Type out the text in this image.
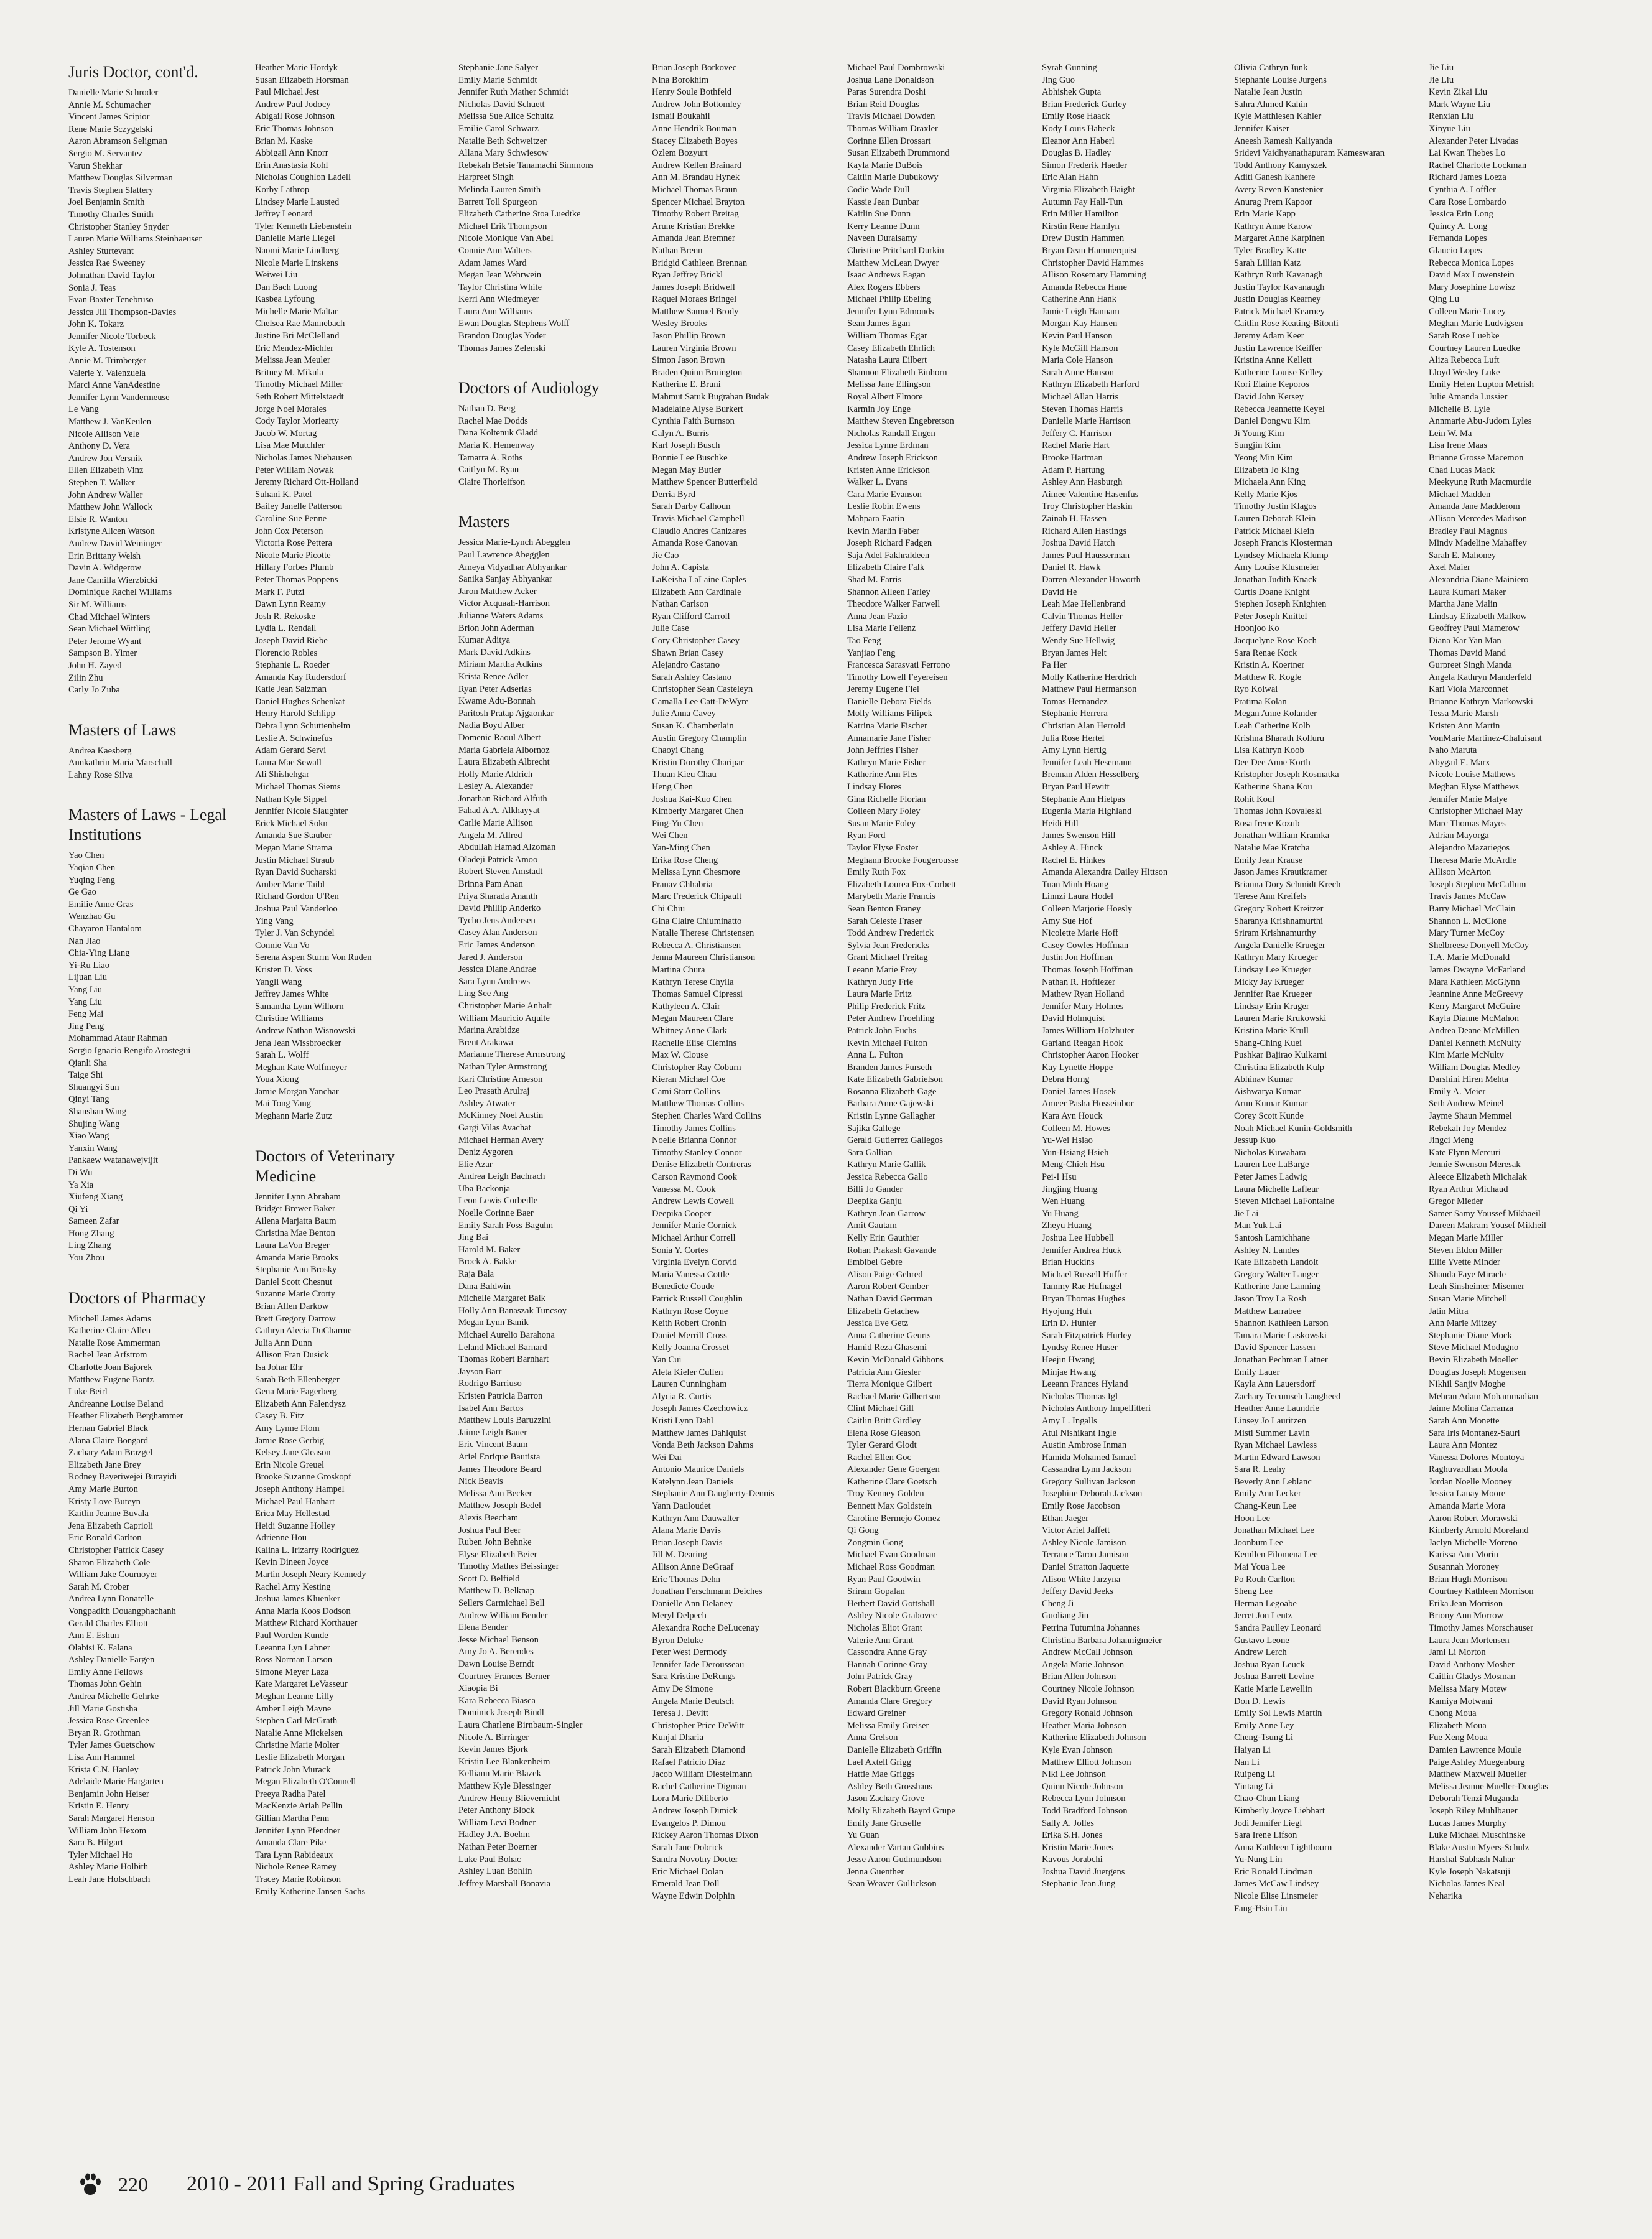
Juris Doctor, cont'd.
Danielle Marie Schroder
Annie M. Schumacher
Vincent James Scipior
Rene Marie Sczygelski
Aaron Abramson Seligman
Sergio M. Servantez
Varun Shekhar
Matthew Douglas Silverman
Travis Stephen Slattery
Joel Benjamin Smith
Timothy Charles Smith
Christopher Stanley Snyder
Lauren Marie Williams Steinhaeuser
Ashley Sturtevant
Jessica Rae Sweeney
Johnathan David Taylor
Sonia J. Teas
Evan Baxter Tenebruso
Jessica Jill Thompson-Davies
John K. Tokarz
Jennifer Nicole Torbeck
Kyle A. Tostenson
Annie M. Trimberger
Valerie Y. Valenzuela
Marci Anne VanAdestine
Jennifer Lynn Vandermeuse
Le Vang
Matthew J. VanKeulen
Nicole Allison Vele
Anthony D. Vera
Andrew Jon Versnik
Ellen Elizabeth Vinz
Stephen T. Walker
John Andrew Waller
Matthew John Wallock
Elsie R. Wanton
Kristyne Alicen Watson
Andrew David Weininger
Erin Brittany Welsh
Davin A. Widgerow
Jane Camilla Wierzbicki
Dominique Rachel Williams
Sir M. Williams
Chad Michael Winters
Sean Michael Wittling
Peter Jerome Wyant
Sampson B. Yimer
John H. Zayed
Zilin Zhu
Carly Jo Zuba
Masters of Laws
Andrea Kaesberg
Annkathrin Maria Marschall
Lahny Rose Silva
Masters of Laws - Legal Institutions
Yao Chen
Yaqian Chen
Yuqing Feng
Ge Gao
Emilie Anne Gras
Wenzhao Gu
Chayaron Hantalom
Nan Jiao
Chia-Ying Liang
Yi-Ru Liao
Lijuan Liu
Yang Liu
Yang Liu
Feng Mai
Jing Peng
Mohammad Ataur Rahman
Sergio Ignacio Rengifo Arostegui
Qianli Sha
Taige Shi
Shuangyi Sun
Qinyi Tang
Shanshan Wang
Shujing Wang
Xiao Wang
Yanxin Wang
Pankaew Watanawejvijit
Di Wu
Ya Xia
Xiufeng Xiang
Qi Yi
Sameen Zafar
Hong Zhang
Ling Zhang
You Zhou
Doctors of Pharmacy
Mitchell James Adams
Katherine Claire Allen
Natalie Rose Ammerman
Rachel Jean Arfstrom
Charlotte Joan Bajorek
Matthew Eugene Bantz
Luke Beirl
Andreanne Louise Beland
Heather Elizabeth Berghammer
Hernan Gabriel Black
Alana Claire Bongard
Zachary Adam Brazgel
Elizabeth Jane Brey
Rodney Bayeriwejei Burayidi
Amy Marie Burton
Kristy Love Buteyn
Kaitlin Jeanne Buvala
Jena Elizabeth Caprioli
Eric Ronald Carlton
Christopher Patrick Casey
Sharon Elizabeth Cole
William Jake Cournoyer
Sarah M. Crober
Andrea Lynn Donatelle
Vongpadith Douangphachanh
Gerald Charles Elliott
Ann E. Eshun
Olabisi K. Falana
Ashley Danielle Fargen
Emily Anne Fellows
Thomas John Gehin
Andrea Michelle Gehrke
Jill Marie Gostisha
Jessica Rose Greenlee
Bryan R. Grothman
Tyler James Guetschow
Lisa Ann Hammel
Krista C.N. Hanley
Adelaide Marie Hargarten
Benjamin John Heiser
Kristin E. Henry
Sarah Margaret Henson
William John Hexom
Sara B. Hilgart
Tyler Michael Ho
Ashley Marie Holbith
Leah Jane Holschbach
Heather Marie Hordyk
Susan Elizabeth Horsman
Paul Michael Jest
Andrew Paul Jodocy
Abigail Rose Johnson
Eric Thomas Johnson
Brian M. Kaske
Abbigail Ann Knorr
Erin Anastasia Kohl
Nicholas Coughlon Ladell
Korby Lathrop
Lindsey Marie Lausted
Jeffrey Leonard
Tyler Kenneth Liebenstein
Danielle Marie Liegel
Naomi Marie Lindberg
Nicole Marie Linskens
Weiwei Liu
Dan Bach Luong
Kasbea Lyfoung
Michelle Marie Maltar
Chelsea Rae Mannebach
Justine Bri McClelland
Eric Mendez-Michler
Melissa Jean Meuler
Britney M. Mikula
Timothy Michael Miller
Seth Robert Mittelstaedt
Jorge Noel Morales
Cody Taylor Moriearty
Jacob W. Mortag
Lisa Mae Mutchler
Nicholas James Niehausen
Peter William Nowak
Jeremy Richard Ott-Holland
Suhani K. Patel
Bailey Janelle Patterson
Caroline Sue Penne
John Cox Peterson
Victoria Rose Pettera
Nicole Marie Picotte
Hillary Forbes Plumb
Peter Thomas Poppens
Mark F. Putzi
Dawn Lynn Reamy
Josh R. Rekoske
Lydia L. Rendall
Joseph David Riebe
Florencio Robles
Stephanie L. Roeder
Amanda Kay Rudersdorf
Katie Jean Salzman
Daniel Hughes Schenkat
Henry Harold Schlipp
Debra Lynn Schuttenhelm
Leslie A. Schwinefus
Adam Gerard Servi
Laura Mae Sewall
Ali Shishehgar
Michael Thomas Siems
Nathan Kyle Sippel
Jennifer Nicole Slaughter
Erick Michael Sokn
Amanda Sue Stauber
Megan Marie Strama
Justin Michael Straub
Ryan David Sucharski
Amber Marie Taibl
Richard Gordon U'Ren
Joshua Paul Vanderloo
Ying Vang
Tyler J. Van Schyndel
Connie Van Vo
Serena Aspen Sturm Von Ruden
Kristen D. Voss
Yangli Wang
Jeffrey James White
Samantha Lynn Wilhorn
Christine Williams
Andrew Nathan Wisnowski
Jena Jean Wissbroecker
Sarah L. Wolff
Meghan Kate Wolfmeyer
Youa Xiong
Jamie Morgan Yanchar
Mai Tong Yang
Meghann Marie Zutz
Doctors of Veterinary Medicine
Jennifer Lynn Abraham
Bridget Brewer Baker
Ailena Marjatta Baum
Christina Mae Benton
Laura LaVon Breger
Amanda Marie Brooks
Stephanie Ann Brosky
Daniel Scott Chesnut
Suzanne Marie Crotty
Brian Allen Darkow
Brett Gregory Darrow
Cathryn Alecia DuCharme
Julia Ann Dunn
Allison Fran Dusick
Isa Johar Ehr
Sarah Beth Ellenberger
Gena Marie Fagerberg
Elizabeth Ann Falendysz
Casey B. Fitz
Amy Lynne Flom
Jamie Rose Gerbig
Kelsey Jane Gleason
Erin Nicole Greuel
Brooke Suzanne Groskopf
Joseph Anthony Hampel
Michael Paul Hanhart
Erica May Hellestad
Heidi Suzanne Holley
Adrienne Hou
Kalina L. Irizarry Rodriguez
Kevin Dineen Joyce
Martin Joseph Neary Kennedy
Rachel Amy Kesting
Joshua James Kluenker
Anna Maria Koos Dodson
Matthew Richard Korthauer
Paul Worden Kunde
Leeanna Lyn Lahner
Ross Norman Larson
Simone Meyer Laza
Kate Margaret LeVasseur
Meghan Leanne Lilly
Amber Leigh Mayne
Stephen Carl McGrath
Natalie Anne Mickelsen
Christine Marie Molter
Leslie Elizabeth Morgan
Patrick John Murack
Megan Elizabeth O'Connell
Preeya Radha Patel
MacKenzie Ariah Pellin
Gillian Martha Penn
Jennifer Lynn Pfendner
Amanda Clare Pike
Tara Lynn Rabideaux
Nichole Renee Ramey
Tracey Marie Robinson
Emily Katherine Jansen Sachs
Stephanie Jane Salyer
Emily Marie Schmidt
Jennifer Ruth Mather Schmidt
Nicholas David Schuett
Melissa Sue Alice Schultz
Emilie Carol Schwarz
Natalie Beth Schweitzer
Allana Mary Schwiesow
Rebekah Betsie Tanamachi Simmons
Harpreet Singh
Melinda Lauren Smith
Barrett Toll Spurgeon
Elizabeth Catherine Stoa Luedtke
Michael Erik Thompson
Nicole Monique Van Abel
Connie Ann Walters
Adam James Ward
Megan Jean Wehrwein
Taylor Christina White
Kerri Ann Wiedmeyer
Laura Ann Williams
Ewan Douglas Stephens Wolff
Brandon Douglas Yoder
Thomas James Zelenski
Doctors of Audiology
Nathan D. Berg
Rachel Mae Dodds
Dana Koltenuk Gladd
Maria K. Hemenway
Tamarra A. Roths
Caitlyn M. Ryan
Claire Thorleifson
Masters
Jessica Marie-Lynch Abegglen
Paul Lawrence Abegglen
Ameya Vidyadhar Abhyankar
Sanika Sanjay Abhyankar
Jaron Matthew Acker
Victor Acquaah-Harrison
Julianne Waters Adams
Brion John Aderman
Kumar Aditya
Mark David Adkins
Miriam Martha Adkins
Krista Renee Adler
Ryan Peter Adserias
Kwame Adu-Bonnah
Paritosh Pratap Ajgaonkar
Nadia Boyd Alber
Domenic Raoul Albert
Maria Gabriela Albornoz
Laura Elizabeth Albrecht
Holly Marie Aldrich
Lesley A. Alexander
Jonathan Richard Alfuth
Fahad A.A. Alkhayyat
Carlie Marie Allison
Angela M. Allred
Abdullah Hamad Alzoman
Oladeji Patrick Amoo
Robert Steven Amstadt
Brinna Pam Anan
Priya Sharada Ananth
David Phillip Anderko
Tycho Jens Andersen
Casey Alan Anderson
Eric James Anderson
Jared J. Anderson
Jessica Diane Andrae
Sara Lynn Andrews
Ling See Ang
Christopher Marie Anhalt
William Mauricio Aquite
Marina Arabidze
Brent Arakawa
Marianne Therese Armstrong
Nathan Tyler Armstrong
Kari Christine Arneson
Leo Prasath Arulraj
Ashley Atwater
McKinney Noel Austin
Gargi Vilas Avachat
Michael Herman Avery
Deniz Aygoren
Elie Azar
Andrea Leigh Bachrach
Uba Backonja
Leon Lewis Corbeille
Noelle Corinne Baer
Emily Sarah Foss Baguhn
Jing Bai
Harold M. Baker
Brock A. Bakke
Raja Bala
Dana Baldwin
Michelle Margaret Balk
Holly Ann Banaszak Tuncsoy
Megan Lynn Banik
Michael Aurelio Barahona
Leland Michael Barnard
Thomas Robert Barnhart
Jayson Barr
Rodrigo Barriuso
Kristen Patricia Barron
Isabel Ann Bartos
Matthew Louis Baruzzini
Jaime Leigh Bauer
Eric Vincent Baum
Ariel Enrique Bautista
James Theodore Beard
Nick Beavis
Melissa Ann Becker
Matthew Joseph Bedel
Alexis Beecham
Joshua Paul Beer
Ruben John Behnke
Elyse Elizabeth Beier
Timothy Mathes Beissinger
Scott D. Belfield
Matthew D. Belknap
Sellers Carmichael Bell
Andrew William Bender
Elena Bender
Jesse Michael Benson
Amy Jo A. Berendes
Dawn Louise Berndt
Courtney Frances Berner
Xiaopia Bi
Kara Rebecca Biasca
Dominick Joseph Bindl
Laura Charlene Birnbaum-Singler
Nicole A. Birringer
Kevin James Bjork
Kristin Lee Blankenheim
Kelliann Marie Blazek
Matthew Kyle Blessinger
Andrew Henry Blievernicht
Peter Anthony Block
William Levi Bodner
Hadley J.A. Boehm
Nathan Peter Boerner
Luke Paul Bohac
Ashley Luan Bohlin
Jeffrey Marshall Bonavia
Brian Joseph Borkovec
Nina Borokhim
Henry Soule Bothfeld
Andrew John Bottomley
Ismail Boukahil
Anne Hendrik Bouman
Stacey Elizabeth Boyes
Ozlem Bozyurt
Andrew Kellen Brainard
Ann M. Brandau Hynek
Michael Thomas Braun
Spencer Michael Brayton
Timothy Robert Breitag
Arune Kristian Brekke
Amanda Jean Bremner
Nathan Brenn
Bridgid Cathleen Brennan
Ryan Jeffrey Brickl
James Joseph Bridwell
Raquel Moraes Bringel
Matthew Samuel Brody
Wesley Brooks
Jason Phillip Brown
Lauren Virginia Brown
Simon Jason Brown
Braden Quinn Bruington
Katherine E. Bruni
Mahmut Satuk Bugrahan Budak
Madelaine Alyse Burkert
Cynthia Faith Burnson
Calyn A. Burris
Karl Joseph Busch
Bonnie Lee Buschke
Megan May Butler
Matthew Spencer Butterfield
Derria Byrd
Sarah Darby Calhoun
Travis Michael Campbell
Claudio Andres Canizares
Amanda Rose Canovan
Jie Cao
John A. Capista
LaKeisha LaLaine Caples
Elizabeth Ann Cardinale
Nathan Carlson
Ryan Clifford Carroll
Julie Case
Cory Christopher Casey
Shawn Brian Casey
Alejandro Castano
Sarah Ashley Castano
Christopher Sean Casteleyn
Camalla Lee Catt-DeWyre
Julie Anna Cavey
Susan K. Chamberlain
Austin Gregory Champlin
Chaoyi Chang
Kristin Dorothy Charipar
Thuan Kieu Chau
Heng Chen
Joshua Kai-Kuo Chen
Kimberly Margaret Chen
Ping-Yu Chen
Wei Chen
Yan-Ming Chen
Erika Rose Cheng
Melissa Lynn Chesmore
Pranav Chhabria
Marc Frederick Chipault
Chi Chiu
Gina Claire Chiuminatto
Natalie Therese Christensen
Rebecca A. Christiansen
Jenna Maureen Christianson
Martina Chura
Kathryn Terese Chylla
Thomas Samuel Cipressi
Kathyleen A. Clair
Megan Maureen Clare
Whitney Anne Clark
Rachelle Elise Clemins
Max W. Clouse
Christopher Ray Coburn
Kieran Michael Coe
Cami Starr Collins
Matthew Thomas Collins
Stephen Charles Ward Collins
Timothy James Collins
Noelle Brianna Connor
Timothy Stanley Connor
Denise Elizabeth Contreras
Carson Raymond Cook
Vanessa M. Cook
Andrew Lewis Cowell
Deepika Cooper
Jennifer Marie Cornick
Michael Arthur Correll
Sonia Y. Cortes
Virginia Evelyn Corvid
Maria Vanessa Cottle
Benedicte Coude
Patrick Russell Coughlin
Kathryn Rose Coyne
Keith Robert Cronin
Daniel Merrill Cross
Kelly Joanna Crosset
Yan Cui
Aleta Kieler Cullen
Lauren Cunningham
Alycia R. Curtis
Joseph James Czechowicz
Kristi Lynn Dahl
Matthew James Dahlquist
Vonda Beth Jackson Dahms
Wei Dai
Antonio Maurice Daniels
Katelynn Jean Daniels
Stephanie Ann Daugherty-Dennis
Yann Dauloudet
Kathryn Ann Dauwalter
Alana Marie Davis
Brian Joseph Davis
Jill M. Dearing
Allison Anne DeGraaf
Eric Thomas Dehn
Jonathan Ferschmann Deiches
Danielle Ann Delaney
Meryl Delpech
Alexandra Roche DeLucenay
Byron Deluke
Peter West Dermody
Jennifer Jade Derousseau
Sara Kristine DeRungs
Amy De Simone
Angela Marie Deutsch
Teresa J. Devitt
Christopher Price DeWitt
Kunjal Dharia
Sarah Elizabeth Diamond
Rafael Patricio Diaz
Jacob William Diestelmann
Rachel Catherine Digman
Lora Marie Diliberto
Andrew Joseph Dimick
Evangelos P. Dimou
Rickey Aaron Thomas Dixon
Sarah Jane Dobrick
Sandra Novotny Docter
Eric Michael Dolan
Emerald Jean Doll
Wayne Edwin Dolphin
Michael Paul Dombrowski
Joshua Lane Donaldson
Paras Surendra Doshi
Brian Reid Douglas
Travis Michael Dowden
Thomas William Draxler
Corinne Ellen Drossart
Susan Elizabeth Drummond
Kayla Marie DuBois
Caitlin Marie Dubukowy
Codie Wade Dull
Kassie Jean Dunbar
Kaitlin Sue Dunn
Kerry Leanne Dunn
Naveen Duraisamy
Christine Pritchard Durkin
Matthew McLean Dwyer
Isaac Andrews Eagan
Alex Rogers Ebbers
Michael Philip Ebeling
Jennifer Lynn Edmonds
Sean James Egan
William Thomas Egar
Casey Elizabeth Ehrlich
Natasha Laura Eilbert
Shannon Elizabeth Einhorn
Melissa Jane Ellingson
Royal Albert Elmore
Karmin Joy Enge
Matthew Steven Engebretson
Nicholas Randall Engen
Jessica Lynne Erdman
Andrew Joseph Erickson
Kristen Anne Erickson
Walker L. Evans
Cara Marie Evanson
Leslie Robin Ewens
Mahpara Faatin
Kevin Marlin Faber
Joseph Richard Fadgen
Saja Adel Fakhraldeen
Elizabeth Claire Falk
Shad M. Farris
Shannon Aileen Farley
Theodore Walker Farwell
Anna Jean Fazio
Lisa Marie Fellenz
Tao Feng
Yanjiao Feng
Francesca Sarasvati Ferrono
Timothy Lowell Feyereisen
Jeremy Eugene Fiel
Danielle Debora Fields
Molly Williams Filipek
Katrina Marie Fischer
Annamarie Jane Fisher
John Jeffries Fisher
Kathryn Marie Fisher
Katherine Ann Fles
Lindsay Flores
Gina Richelle Florian
Colleen Mary Foley
Susan Marie Foley
Ryan Ford
Taylor Elyse Foster
Meghann Brooke Fougerousse
Emily Ruth Fox
Elizabeth Lourea Fox-Corbett
Marybeth Marie Francis
Sean Benton Franey
Sarah Celeste Fraser
Todd Andrew Frederick
Sylvia Jean Fredericks
Grant Michael Freitag
Leeann Marie Frey
Kathryn Judy Frie
Laura Marie Fritz
Philip Frederick Fritz
Peter Andrew Froehling
Patrick John Fuchs
Kevin Michael Fulton
Anna L. Fulton
Branden James Furseth
Kate Elizabeth Gabrielson
Rosanna Elizabeth Gage
Barbara Anne Gajewski
Kristin Lynne Gallagher
Sajika Gallege
Gerald Gutierrez Gallegos
Sara Gallian
Kathryn Marie Gallik
Jessica Rebecca Gallo
Billi Jo Gander
Deepika Ganju
Kathryn Jean Garrow
Amit Gautam
Kelly Erin Gauthier
Rohan Prakash Gavande
Embibel Gebre
Alison Paige Gehred
Aaron Robert Gember
Nathan David Gerrman
Elizabeth Getachew
Jessica Eve Getz
Anna Catherine Geurts
Hamid Reza Ghasemi
Kevin McDonald Gibbons
Patricia Ann Giesler
Tierra Monique Gilbert
Rachael Marie Gilbertson
Clint Michael Gill
Caitlin Britt Girdley
Elena Rose Gleason
Tyler Gerard Glodt
Rachel Ellen Goc
Alexander Gene Goergen
Katherine Clare Goetsch
Troy Kenney Golden
Bennett Max Goldstein
Caroline Bermejo Gomez
Qi Gong
Zongmin Gong
Michael Evan Goodman
Michael Ross Goodman
Ryan Paul Goodwin
Sriram Gopalan
Herbert David Gottshall
Ashley Nicole Grabovec
Nicholas Eliot Grant
Valerie Ann Grant
Cassondra Anne Gray
Hannah Corinne Gray
John Patrick Gray
Robert Blackburn Greene
Amanda Clare Gregory
Edward Greiner
Melissa Emily Greiser
Anna Grelson
Danielle Elizabeth Griffin
Lael Axtell Grigg
Hattie Mae Griggs
Ashley Beth Grosshans
Jason Zachary Grove
Molly Elizabeth Bayrd Grupe
Emily Jane Gruselle
Yu Guan
Alexander Vartan Gubbins
Jesse Aaron Gudmundson
Jenna Guenther
Sean Weaver Gullickson
Syrah Gunning
Jing Guo
Abhishek Gupta
Brian Frederick Gurley
Emily Rose Haack
Kody Louis Habeck
Eleanor Ann Haberl
Douglas B. Hadley
Simon Frederik Haeder
Eric Alan Hahn
Virginia Elizabeth Haight
Autumn Fay Hall-Tun
Erin Miller Hamilton
Kirstin Rene Hamlyn
Drew Dustin Hammen
Bryan Dean Hammerquist
Christopher David Hammes
Allison Rosemary Hamming
Amanda Rebecca Hane
Catherine Ann Hank
Jamie Leigh Hannam
Morgan Kay Hansen
Kevin Paul Hanson
Kyle McGill Hanson
Maria Cole Hanson
Sarah Anne Hanson
Kathryn Elizabeth Harford
Michael Allan Harris
Steven Thomas Harris
Danielle Marie Harrison
Jeffery C. Harrison
Rachel Marie Hart
Brooke Hartman
Adam P. Hartung
Ashley Ann Hasburgh
Aimee Valentine Hasenfus
Troy Christopher Haskin
Zainab H. Hassen
Richard Allen Hastings
Joshua David Hatch
James Paul Hausserman
Daniel R. Hawk
Darren Alexander Haworth
David He
Leah Mae Hellenbrand
Calvin Thomas Heller
Jeffery David Heller
Wendy Sue Hellwig
Bryan James Helt
Pa Her
Molly Katherine Herdrich
Matthew Paul Hermanson
Tomas Hernandez
Stephanie Herrera
Christian Alan Herrold
Julia Rose Hertel
Amy Lynn Hertig
Jennifer Leah Hesemann
Brennan Alden Hesselberg
Bryan Paul Hewitt
Stephanie Ann Hietpas
Eugenia Maria Highland
Heidi Hill
James Swenson Hill
Ashley A. Hinck
Rachel E. Hinkes
Amanda Alexandra Dailey Hittson
Tuan Minh Hoang
Linnzi Laura Hodel
Colleen Marjorie Hoesly
Amy Sue Hof
Nicolette Marie Hoff
Casey Cowles Hoffman
Justin Jon Hoffman
Thomas Joseph Hoffman
Nathan R. Hoftiezer
Mathew Ryan Holland
Jennifer Mary Holmes
David Holmquist
James William Holzhuter
Garland Reagan Hook
Christopher Aaron Hooker
Kay Lynette Hoppe
Debra Horng
Daniel James Hosek
Ameer Pasha Hosseinbor
Kara Ayn Houck
Colleen M. Howes
Yu-Wei Hsiao
Yun-Hsiang Hsieh
Meng-Chieh Hsu
Pei-I Hsu
Jingjing Huang
Wen Huang
Yu Huang
Zheyu Huang
Joshua Lee Hubbell
Jennifer Andrea Huck
Brian Huckins
Michael Russell Huffer
Tammy Rae Hufnagel
Bryan Thomas Hughes
Hyojung Huh
Erin D. Hunter
Sarah Fitzpatrick Hurley
Lyndsy Renee Huser
Heejin Hwang
Minjae Hwang
Leeann Frances Hyland
Nicholas Thomas Igl
Nicholas Anthony Impellitteri
Amy L. Ingalls
Atul Nishikant Ingle
Austin Ambrose Inman
Hamida Mohamed Ismael
Cassandra Lynn Jackson
Gregory Sullivan Jackson
Josephine Deborah Jackson
Emily Rose Jacobson
Ethan Jaeger
Victor Ariel Jaffett
Ashley Nicole Jamison
Terrance Taron Jamison
Daniel Stratton Jaquette
Alison White Jarzyna
Jeffery David Jeeks
Cheng Ji
Guoliang Jin
Petrina Tutumina Johannes
Christina Barbara Johannigmeier
Andrew McCall Johnson
Angela Marie Johnson
Brian Allen Johnson
Courtney Nicole Johnson
David Ryan Johnson
Gregory Ronald Johnson
Heather Maria Johnson
Katherine Elizabeth Johnson
Kyle Evan Johnson
Matthew Elliott Johnson
Niki Lee Johnson
Quinn Nicole Johnson
Rebecca Lynn Johnson
Todd Bradford Johnson
Sally A. Jolles
Erika S.H. Jones
Kristin Marie Jones
Kavous Jorabchi
Joshua David Juergens
Stephanie Jean Jung
Olivia Cathryn Junk
Stephanie Louise Jurgens
Natalie Jean Justin
Sahra Ahmed Kahin
Kyle Matthiesen Kahler
Jennifer Kaiser
Aneesh Ramesh Kaliyanda
Sridevi Vaidhyanathapuram Kameswaran
Todd Anthony Kamyszek
Aditi Ganesh Kanhere
Avery Reven Kanstenier
Anurag Prem Kapoor
Erin Marie Kapp
Kathryn Anne Karow
Margaret Anne Karpinen
Tyler Bradley Katte
Sarah Lillian Katz
Kathryn Ruth Kavanagh
Justin Taylor Kavanaugh
Justin Douglas Kearney
Patrick Michael Kearney
Caitlin Rose Keating-Bitonti
Jeremy Adam Keer
Justin Lawrence Keiffer
Kristina Anne Kellett
Katherine Louise Kelley
Kori Elaine Keporos
David John Kersey
Rebecca Jeannette Keyel
Daniel Dongwu Kim
Ji Young Kim
Sungjin Kim
Yeong Min Kim
Elizabeth Jo King
Michaela Ann King
Kelly Marie Kjos
Timothy Justin Klagos
Lauren Deborah Klein
Patrick Michael Klein
Joseph Francis Klosterman
Lyndsey Michaela Klump
Amy Louise Klusmeier
Jonathan Judith Knack
Curtis Doane Knight
Stephen Joseph Knighten
Peter Joseph Knittel
Hoonjoo Ko
Jacquelyne Rose Koch
Sara Renae Kock
Kristin A. Koertner
Matthew R. Kogle
Ryo Koiwai
Pratima Kolan
Megan Anne Kolander
Leah Catherine Kolb
Krishna Bharath Kolluru
Lisa Kathryn Koob
Dee Dee Anne Korth
Kristopher Joseph Kosmatka
Katherine Shana Kou
Rohit Koul
Thomas John Kovaleski
Rosa Irene Kozub
Jonathan William Kramka
Natalie Mae Kratcha
Emily Jean Krause
Jason James Krautkramer
Brianna Dory Schmidt Krech
Terese Ann Kreifels
Gregory Robert Kreitzer
Sharanya Krishnamurthi
Sriram Krishnamurthy
Angela Danielle Krueger
Kathryn Mary Krueger
Lindsay Lee Krueger
Micky Jay Krueger
Jennifer Rae Krueger
Lindsay Erin Kruger
Lauren Marie Krukowski
Kristina Marie Krull
Shang-Ching Kuei
Pushkar Bajirao Kulkarni
Christina Elizabeth Kulp
Abhinav Kumar
Aishwarya Kumar
Arun Kumar Kumar
Corey Scott Kunde
Noah Michael Kunin-Goldsmith
Jessup Kuo
Nicholas Kuwahara
Lauren Lee LaBarge
Peter James Ladwig
Laura Michelle Lafleur
Steven Michael LaFontaine
Jie Lai
Man Yuk Lai
Santosh Lamichhane
Ashley N. Landes
Kate Elizabeth Landolt
Gregory Walter Langer
Katherine Jane Lanning
Jason Troy La Rosh
Matthew Larrabee
Shannon Kathleen Larson
Tamara Marie Laskowski
David Spencer Lassen
Jonathan Pechman Latner
Emily Lauer
Kayla Ann Lauersdorf
Zachary Tecumseh Laugheed
Heather Anne Laundrie
Linsey Jo Lauritzen
Misti Summer Lavin
Ryan Michael Lawless
Martin Edward Lawson
Sara R. Leahy
Beverly Ann Leblanc
Emily Ann Lecker
Chang-Keun Lee
Hoon Lee
Jonathan Michael Lee
Joonbum Lee
Kemllen Filomena Lee
Mai Youa Lee
Po Rouh Carlton
Sheng Lee
Herman Legoabe
Jerret Jon Lentz
Sandra Paulley Leonard
Gustavo Leone
Andrew Lerch
Joshua Ryan Leuck
Joshua Barrett Levine
Katie Marie Lewellin
Don D. Lewis
Emily Sol Lewis Martin
Emily Anne Ley
Cheng-Tsung Li
Haiyan Li
Nan Li
Ruipeng Li
Yintang Li
Chao-Chun Liang
Kimberly Joyce Liebhart
Jodi Jennifer Liegl
Sara Irene Lifson
Anna Kathleen Lightbourn
Yu-Nung Lin
Eric Ronald Lindman
James McCaw Lindsey
Nicole Elise Linsmeier
Fang-Hsiu Liu
Jie Liu
Jie Liu
Kevin Zikai Liu
Mark Wayne Liu
Renxian Liu
Xinyue Liu
Alexander Peter Livadas
Lai Kwan Thebes Lo
Rachel Charlotte Lockman
Richard James Loeza
Cynthia A. Loffler
Cara Rose Lombardo
Jessica Erin Long
Quincy A. Long
Fernanda Lopes
Glaucio Lopes
Rebecca Monica Lopes
David Max Lowenstein
Mary Josephine Lowisz
Qing Lu
Colleen Marie Lucey
Meghan Marie Ludvigsen
Sarah Rose Luebke
Courtney Lauren Luedke
Aliza Rebecca Luft
Lloyd Wesley Luke
Emily Helen Lupton Metrish
Julie Amanda Lussier
Michelle B. Lyle
Annmarie Abu-Judom Lyles
Lein W. Ma
Lisa Irene Maas
Brianne Grosse Macemon
Chad Lucas Mack
Meekyung Ruth Macmurdie
Michael Madden
Amanda Jane Madderom
Allison Mercedes Madison
Bradley Paul Magnus
Mindy Madeline Mahaffey
Sarah E. Mahoney
Axel Maier
Alexandria Diane Mainiero
Laura Kumari Maker
Martha Jane Malin
Lindsay Elizabeth Malkow
Geoffrey Paul Mamerow
Diana Kar Yan Man
Thomas David Mand
Gurpreet Singh Manda
Angela Kathryn Manderfeld
Kari Viola Marconnet
Brianne Kathryn Markowski
Tessa Marie Marsh
Kristen Ann Martin
VonMarie Martinez-Chaluisant
Naho Maruta
Abygail E. Marx
Nicole Louise Mathews
Meghan Elyse Matthews
Jennifer Marie Matye
Christopher Michael May
Marc Thomas Mayes
Adrian Mayorga
Alejandro Mazariegos
Theresa Marie McArdle
Allison McArton
Joseph Stephen McCallum
Travis James McCaw
Barry Michael McClain
Shannon L. McClone
Mary Turner McCoy
Shelbreese Donyell McCoy
T.A. Marie McDonald
James Dwayne McFarland
Mara Kathleen McGlynn
Jeannine Anne McGreevy
Kerry Margaret McGuire
Kayla Dianne McMahon
Andrea Deane McMillen
Daniel Kenneth McNulty
Kim Marie McNulty
William Douglas Medley
Darshini Hiren Mehta
Emily A. Meier
Seth Andrew Meinel
Jayme Shaun Memmel
Rebekah Joy Mendez
Jingci Meng
Kate Flynn Mercuri
Jennie Swenson Meresak
Aleece Elizabeth Michalak
Ryan Arthur Michaud
Gregor Mieder
Samer Samy Youssef Mikhaeil
Dareen Makram Yousef Mikheil
Megan Marie Miller
Steven Eldon Miller
Ellie Yvette Minder
Shanda Faye Miracle
Leah Sinsheimer Misemer
Susan Marie Mitchell
Jatin Mitra
Ann Marie Mitzey
Stephanie Diane Mock
Steve Michael Modugno
Bevin Elizabeth Moeller
Douglas Joseph Mogensen
Nikhil Sanjiv Moghe
Mehran Adam Mohammadian
Jaime Molina Carranza
Sarah Ann Monette
Sara Iris Montanez-Sauri
Laura Ann Montez
Vanessa Dolores Montoya
Raghuvardhan Moola
Jordan Noelle Mooney
Jessica Lanay Moore
Amanda Marie Mora
Aaron Robert Morawski
Kimberly Arnold Moreland
Jaclyn Michelle Moreno
Karissa Ann Morin
Susannah Moroney
Brian Hugh Morrison
Courtney Kathleen Morrison
Erika Jean Morrison
Briony Ann Morrow
Timothy James Morschauser
Laura Jean Mortensen
Jami Li Morton
David Anthony Mosher
Caitlin Gladys Mosman
Melissa Mary Motew
Kamiya Motwani
Chong Moua
Elizabeth Moua
Fue Xeng Moua
Damien Lawrence Moule
Paige Ashley Muegenburg
Matthew Maxwell Mueller
Melissa Jeanne Mueller-Douglas
Deborah Tenzi Muganda
Joseph Riley Muhlbauer
Lucas James Murphy
Luke Michael Muschinske
Blake Austin Myers-Schulz
Harshal Subhash Nahar
Kyle Joseph Nakatsuji
Nicholas James Neal
Neharika
220 2010 - 2011 Fall and Spring Graduates
